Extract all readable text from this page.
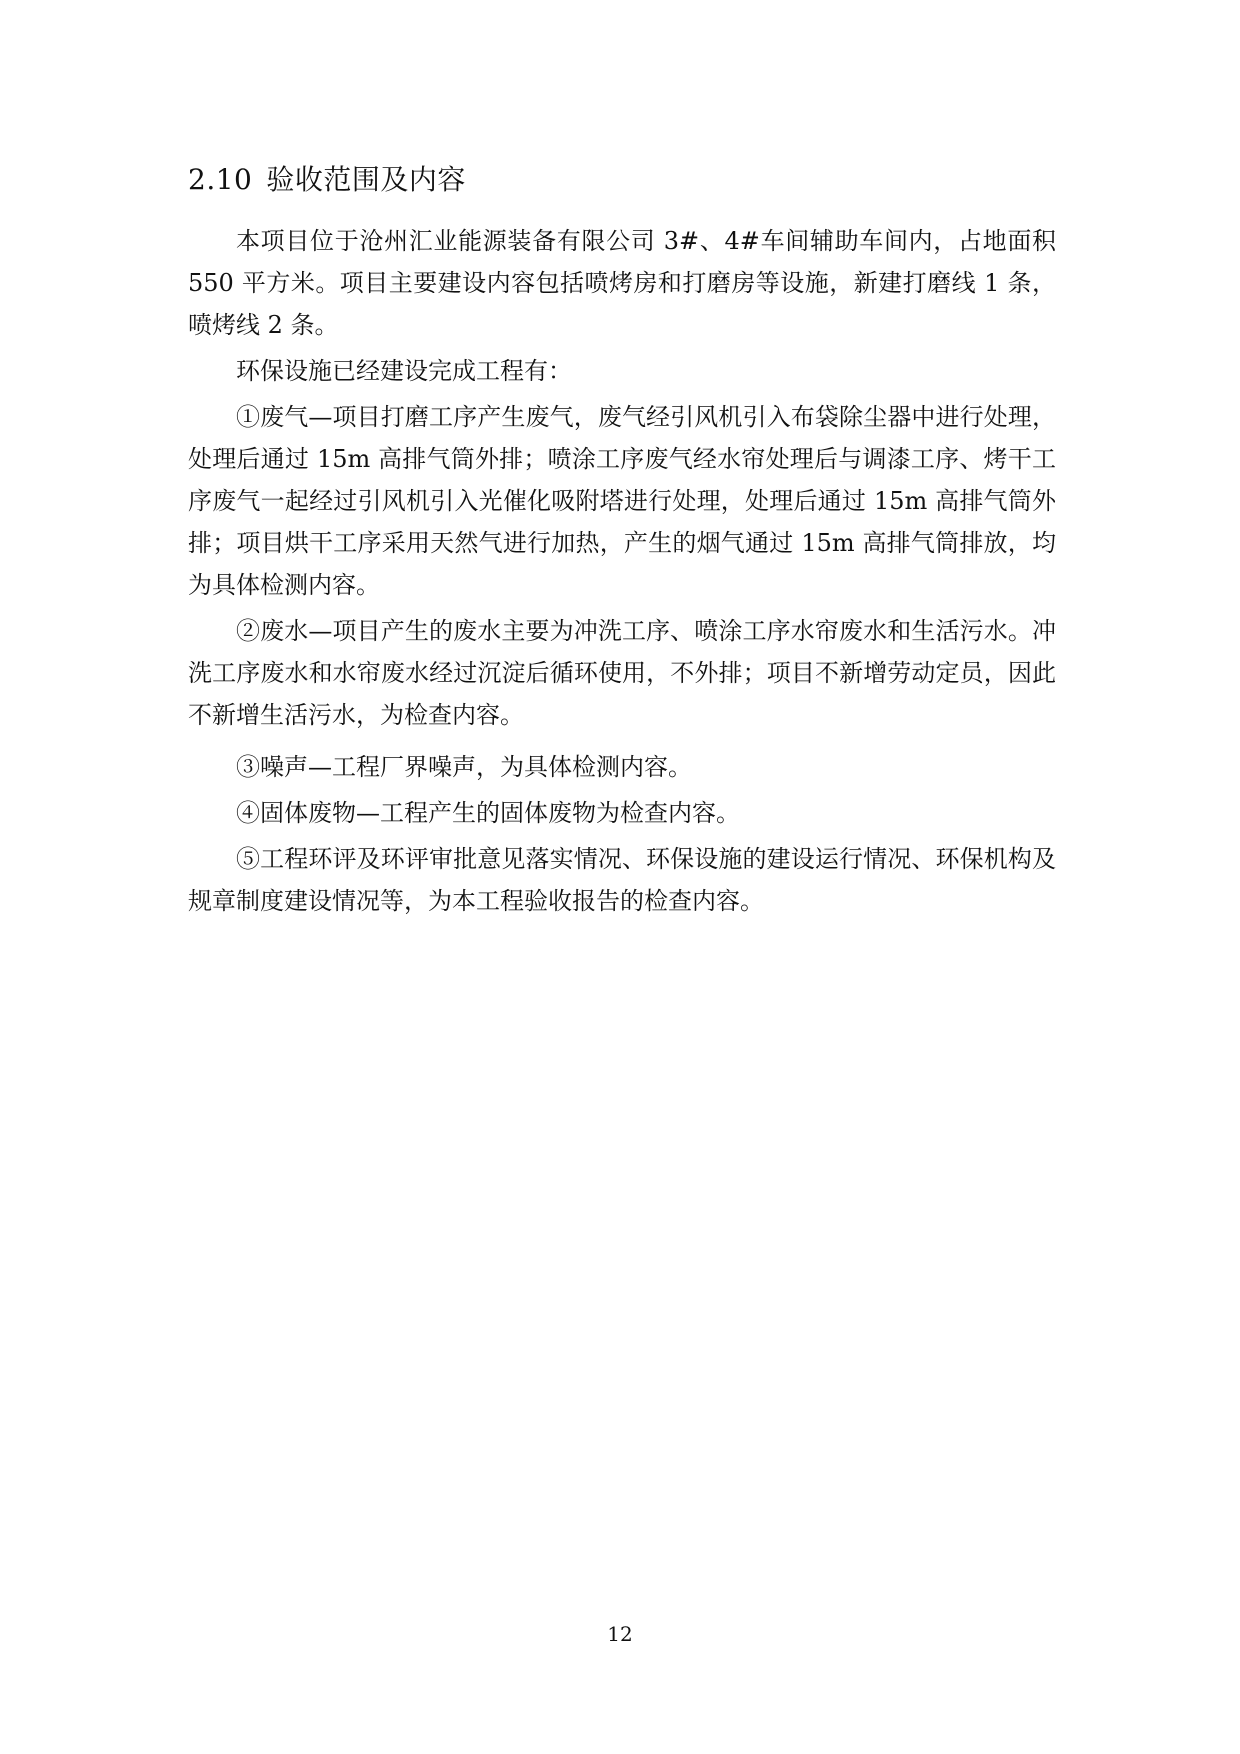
2.10 验收范围及内容

本项目位于沧州汇业能源装备有限公司 3#、4#车间辅助车间内，占地面积 550 平方米。项目主要建设内容包括喷烤房和打磨房等设施，新建打磨线 1 条，喷烤线 2 条。

环保设施已经建设完成工程有：

①废气—项目打磨工序产生废气，废气经引风机引入布袋除尘器中进行处理，处理后通过 15m 高排气筒外排；喷涂工序废气经水帘处理后与调漆工序、烤干工序废气一起经过引风机引入光催化吸附塔进行处理，处理后通过 15m 高排气筒外排；项目烘干工序采用天然气进行加热，产生的烟气通过 15m 高排气筒排放，均为具体检测内容。

②废水—项目产生的废水主要为冲洗工序、喷涂工序水帘废水和生活污水。冲洗工序废水和水帘废水经过沉淀后循环使用，不外排；项目不新增劳动定员，因此不新增生活污水，为检查内容。

③噪声—工程厂界噪声，为具体检测内容。

④固体废物—工程产生的固体废物为检查内容。

⑤工程环评及环评审批意见落实情况、环保设施的建设运行情况、环保机构及规章制度建设情况等，为本工程验收报告的检查内容。

12
